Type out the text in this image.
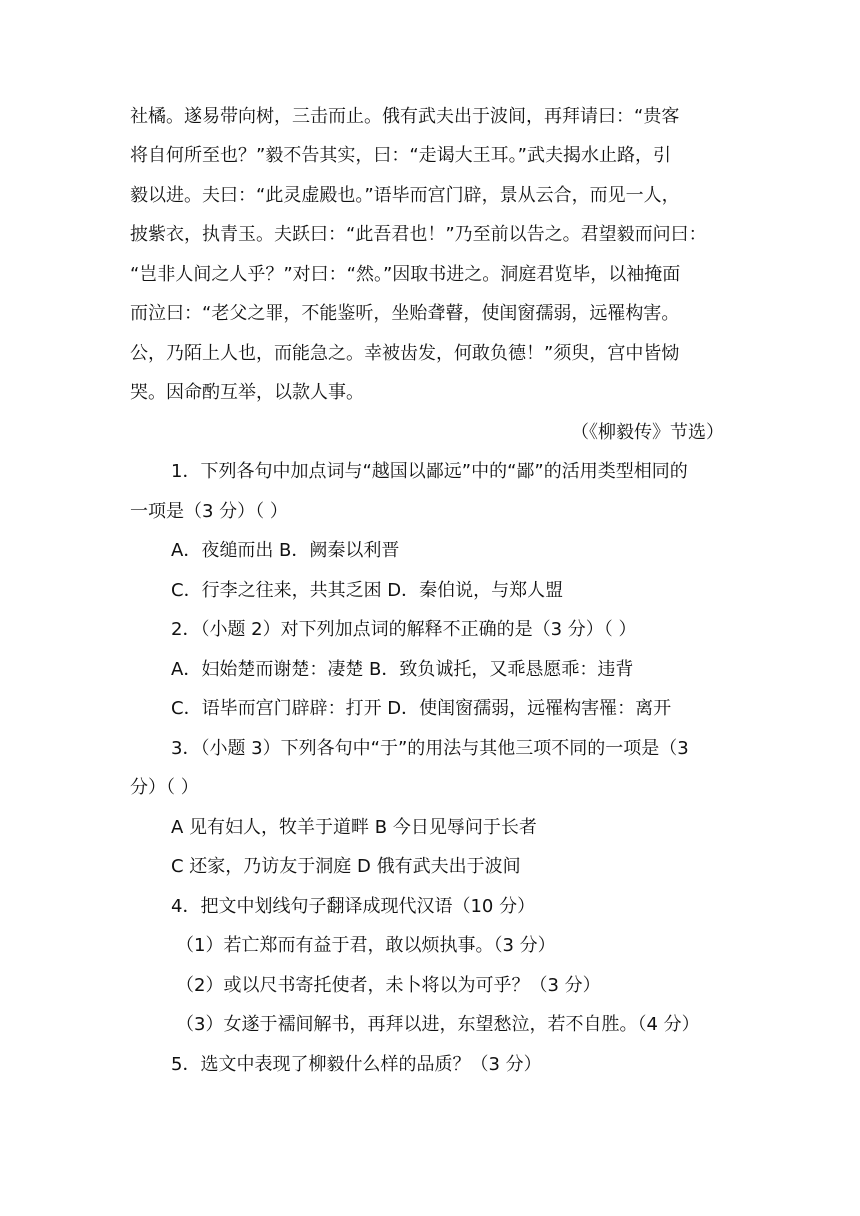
社橘。遂易带向树，三击而止。俄有武夫出于波间，再拜请曰：“贵客
将自何所至也？”毅不告其实，曰：“走谒大王耳。”武夫揭水止路，引
毅以进。夫曰：“此灵虚殿也。”语毕而宫门辟，景从云合，而见一人，
披紫衣，执青玉。夫跃曰：“此吾君也！”乃至前以告之。君望毅而问曰：
“岂非人间之人乎？”对曰：“然。”因取书进之。洞庭君览毕，以袖掩面
而泣曰：“老父之罪，不能鉴听，坐贻聋瞽，使闺窗孺弱，远罹构害。
公，乃陌上人也，而能急之。幸被齿发，何敢负德！”须臾，宫中皆恸
哭。因命酌互举，以款人事。
（《柳毅传》节选）
1．下列各句中加点词与“越国以鄙远”中的“鄙”的活用类型相同的
一项是（3 分）（ ）
A．夜缒而出 B．阙秦以利晋
C．行李之往来，共其乏困 D．秦伯说，与郑人盟
2．（小题 2）对下列加点词的解释不正确的是（3 分）（ ）
A．妇始楚而谢楚：凄楚 B．致负诚托，又乖恳愿乖：违背
C．语毕而宫门辟辟：打开 D．使闺窗孺弱，远罹构害罹：离开
3．（小题 3）下列各句中“于”的用法与其他三项不同的一项是（3
分）（ ）
A 见有妇人，牧羊于道畔 B 今日见辱问于长者
C 还家，乃访友于洞庭 D 俄有武夫出于波间
4．把文中划线句子翻译成现代汉语（10 分）
（1）若亡郑而有益于君，敢以烦执事。（3 分）
（2）或以尺书寄托使者，未卜将以为可乎？（3 分）
（3）女遂于襦间解书，再拜以进，东望愁泣，若不自胜。（4 分）
5．选文中表现了柳毅什么样的品质？（3 分）
